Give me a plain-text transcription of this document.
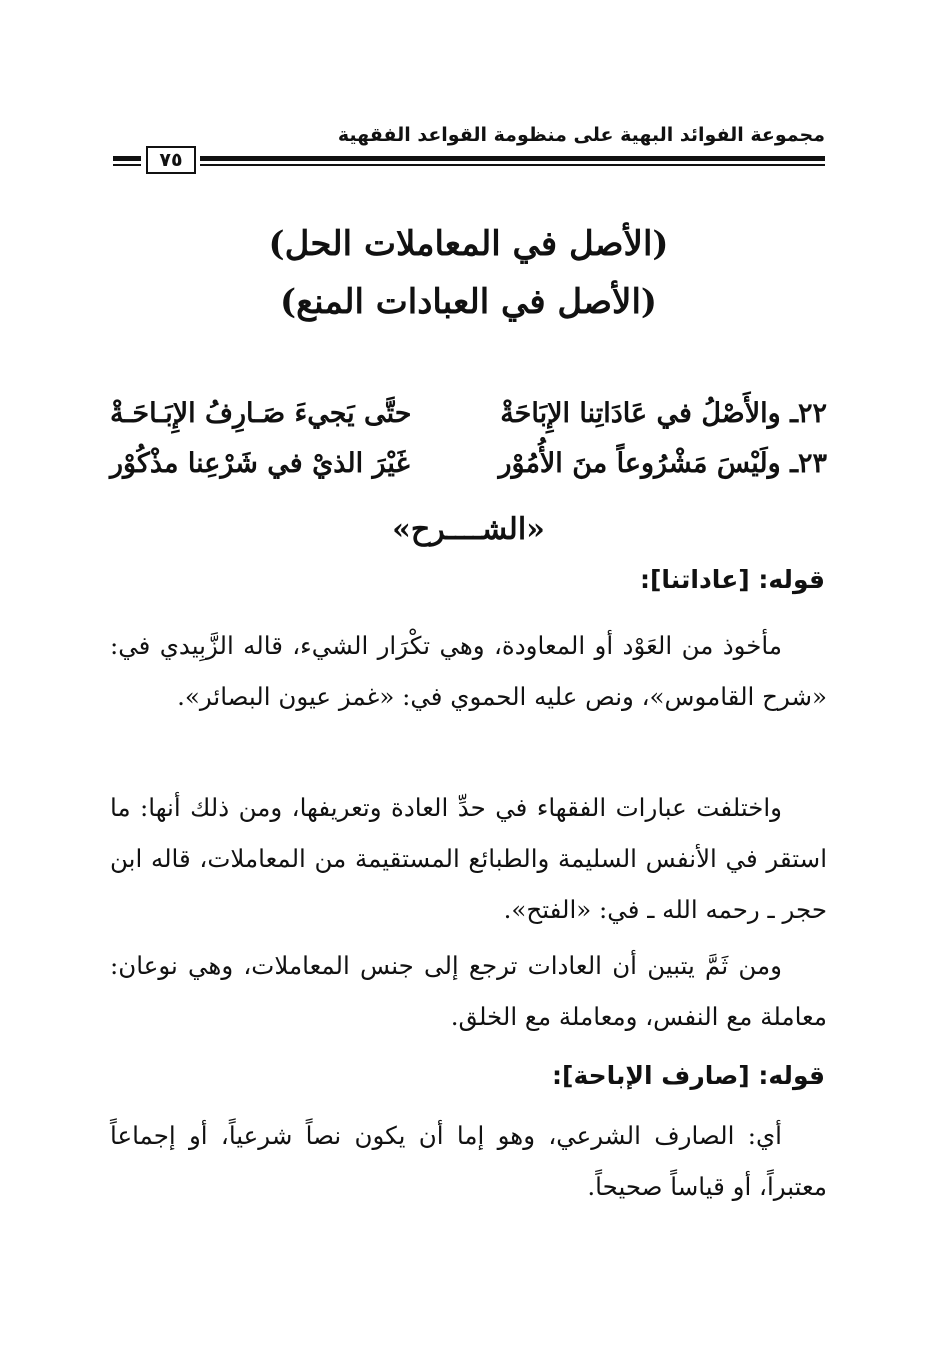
مجموعة الفوائد البهية على منظومة القواعد الفقهية
٧٥
(الأصل في المعاملات الحل)
(الأصل في العبادات المنع)
٢٢ـ والأَصْلُ في عَادَاتِنا الإِبَاحَةْ
حتَّى يَجيءَ صَـارِفُ الإِبَـاحَـةْ
٢٣ـ ولَيْسَ مَشْرُوعاً منَ الأُمُوْر
غَيْرَ الذيْ في شَرْعِنا مذْكُوْر
«الشــــرح»
قوله: [عاداتنا]:

مأخوذ من العَوْد أو المعاودة، وهي تكْرَار الشيء، قاله الزَّبِيدي في: «شرح القاموس»، ونص عليه الحموي في: «غمز عيون البصائر».

واختلفت عبارات الفقهاء في حدِّ العادة وتعريفها، ومن ذلك أنها: ما استقر في الأنفس السليمة والطبائع المستقيمة من المعاملات، قاله ابن حجر ـ رحمه الله ـ في: «الفتح».

ومن ثَمَّ يتبين أن العادات ترجع إلى جنس المعاملات، وهي نوعان: معاملة مع النفس، ومعاملة مع الخلق.

قوله: [صارف الإباحة]:

أي: الصارف الشرعي، وهو إما أن يكون نصاً شرعياً، أو إجماعاً معتبراً، أو قياساً صحيحاً.
